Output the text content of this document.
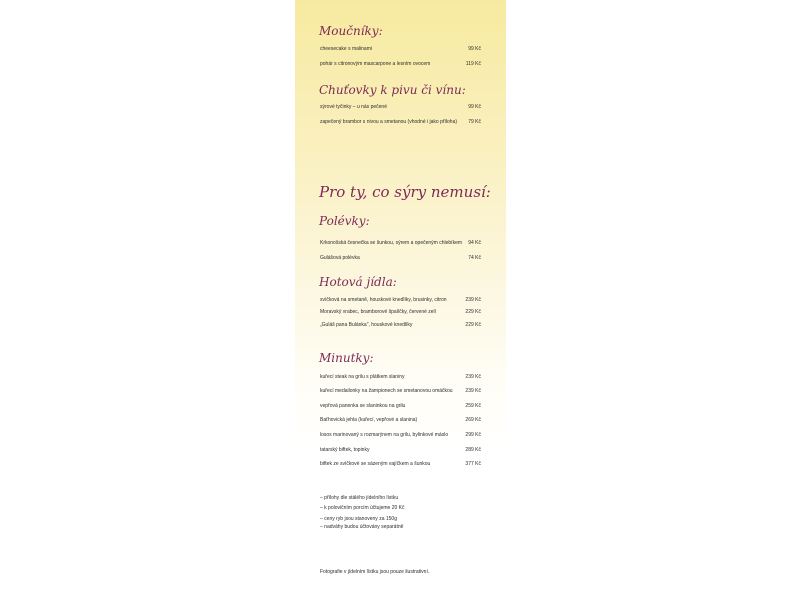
Moučníky:
cheesecake s malinami	99 Kč
pohár s citronovým mascarpone a lesním ovocem	119 Kč
Chuťovky k pivu či vínu:
sýrové tyčinky – u nás pečené	99 Kč
zapečený brambor s nivou a smetanou (vhodné i jako příloha) 79 Kč
Pro ty, co sýry nemusí:
Polévky:
Krkonošská česnečka se šunkou, sýrem a opečeným chlebíkem 94 Kč
Gulášová polévka	74 Kč
Hotová jídla:
svíčková na smetaně, houskové knedlíky, brusinky, citron	239 Kč
Moravský vrabec, bramborové špalíčky, červené zelí	229 Kč
„Guláš pana Bulánka", houskové knedlíky	229 Kč
Minutky:
kuřecí steak na grilu s plátkem slaniny	239 Kč
kuřecí medailonky na žampionech se smetanovou omáčkou	239 Kč
vepřová panenka se slaninkou na grilu	259 Kč
Baťhovická jehla (kuřecí, vepřové a slanina)	269 Kč
losos marinovaný s rozmarýnem na grilu, bylinkové máslo	299 Kč
tatarský biftek, topinky	289 Kč
biftek ze svíčkové se sázeným vajíčkem a šunkou	377 Kč
– přílohy dle stálého jídelního lístku
– k polovičním porcím účtujeme 20 Kč
– ceny ryb jsou stanoveny za 150g
– nadváhy budou účtovány separátně
Fotografie v jídelním lístku jsou pouze ilustrativní.
